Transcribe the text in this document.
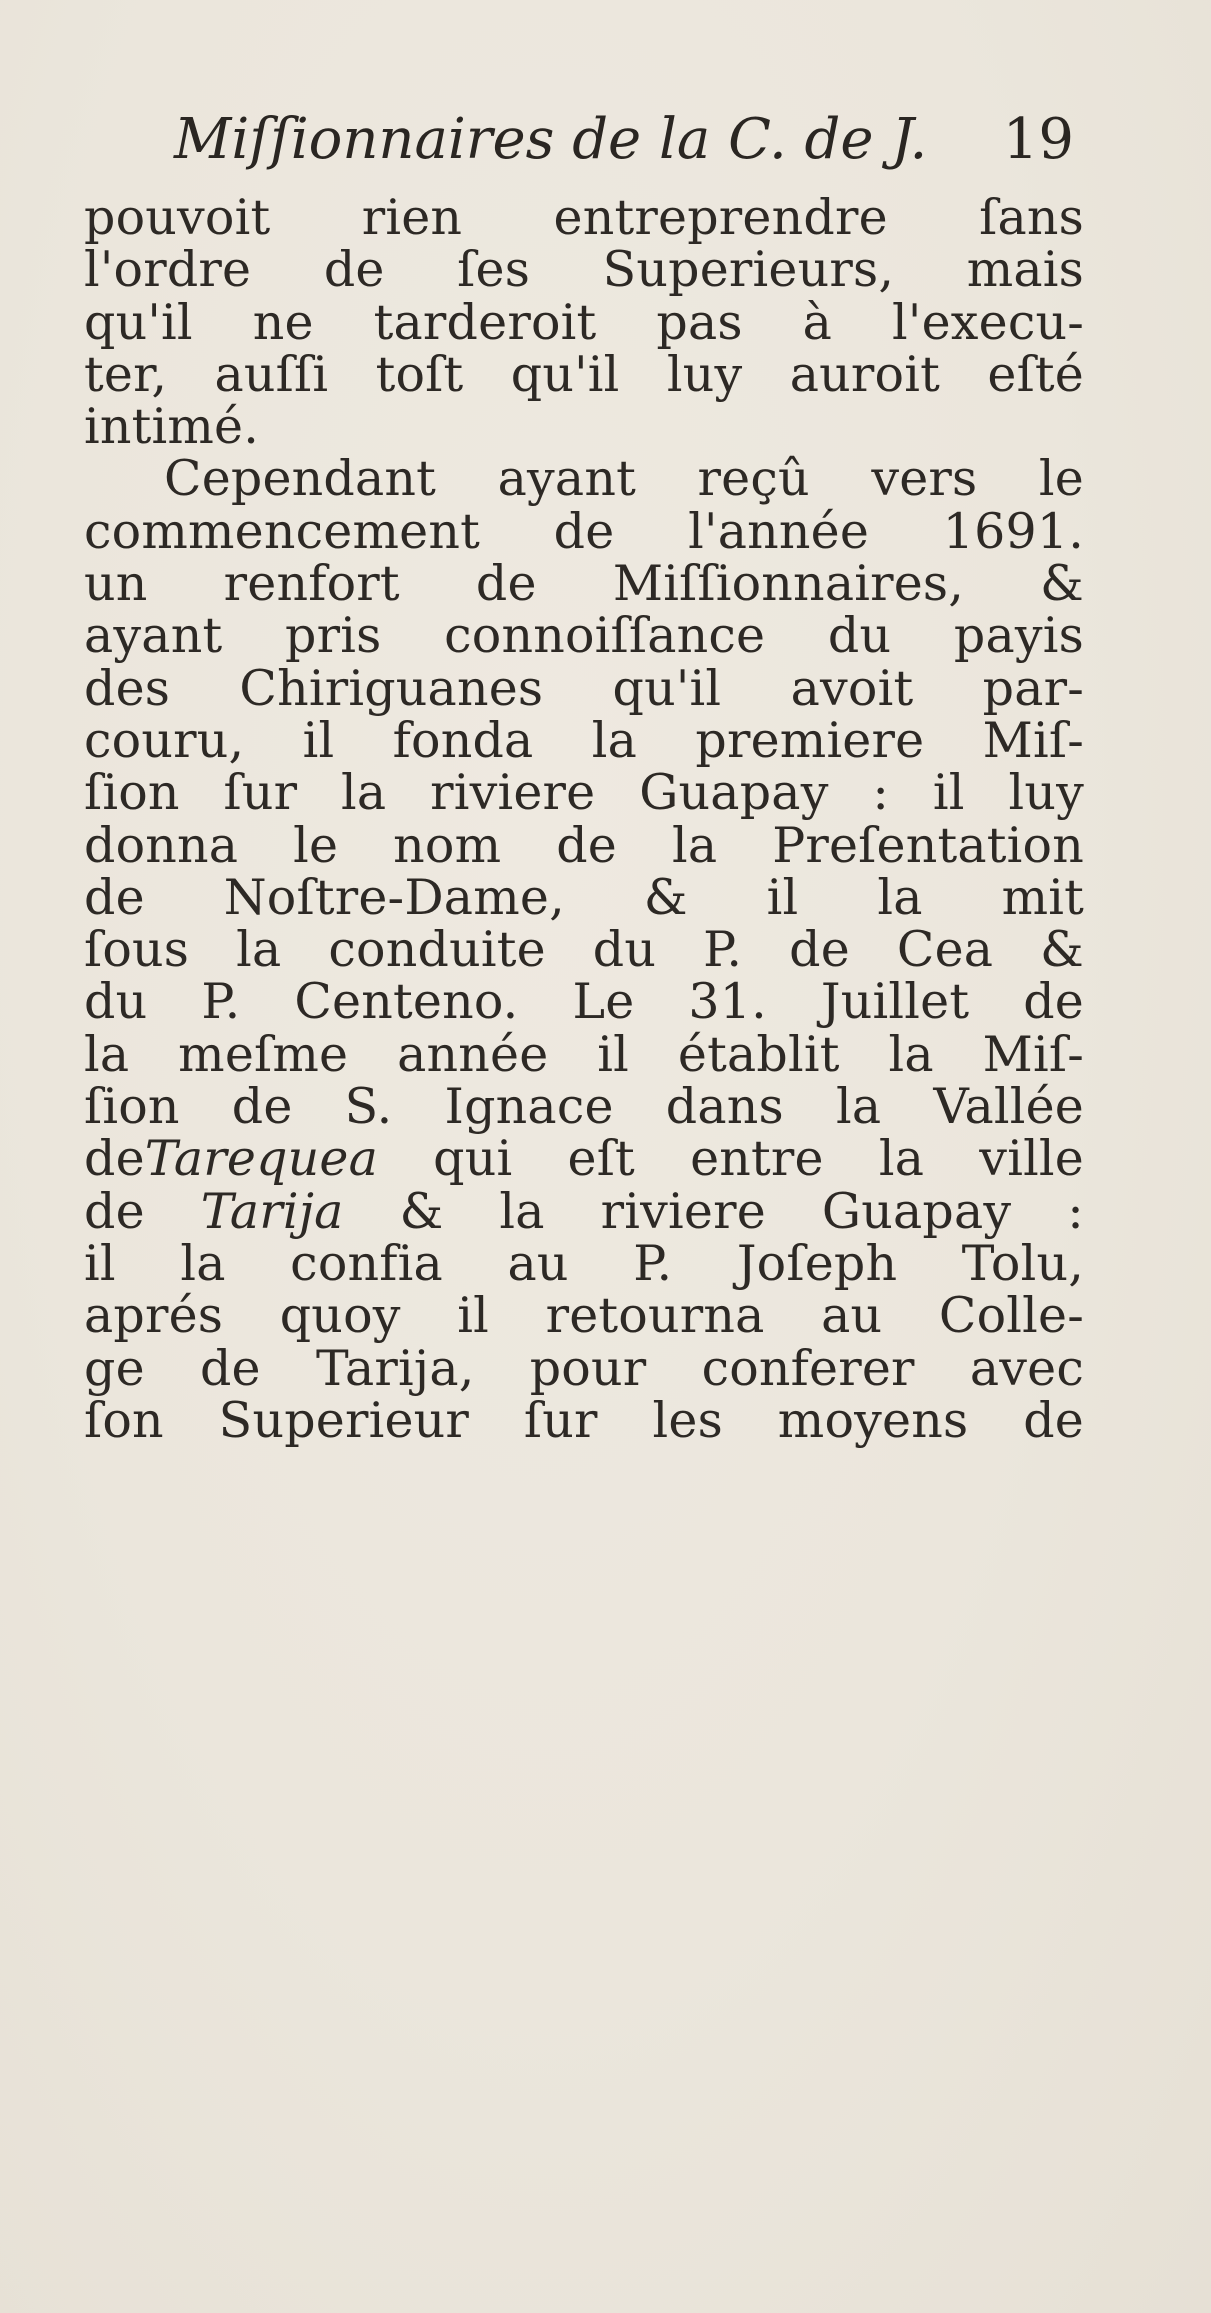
Miſſionnaires de la C. de J. 19
pouvoit rien entreprendre ſans
l'ordre de ſes Superieurs, mais
qu'il ne tarderoit pas à l'execu-
ter, auſſi toſt qu'il luy auroit eſté
intimé.
Cependant ayant reçû vers le
commencement de l'année 1691.
un renfort de Miſſionnaires, &
ayant pris connoiſſance du payis
des Chiriguanes qu'il avoit par-
couru, il fonda la premiere Miſ-
ſion ſur la riviere Guapay : il luy
donna le nom de la Preſentation
de Noſtre-Dame, & il la mit
ſous la conduite du P. de Cea &
du P. Centeno. Le 31. Juillet de
la meſme année il établit la Miſ-
ſion de S. Ignace dans la Vallée
deTarequea qui eſt entre la ville
de Tarija & la riviere Guapay :
il la confia au P. Joſeph Tolu,
aprés quoy il retourna au Colle-
ge de Tarija, pour conferer avec
ſon Superieur ſur les moyens de
